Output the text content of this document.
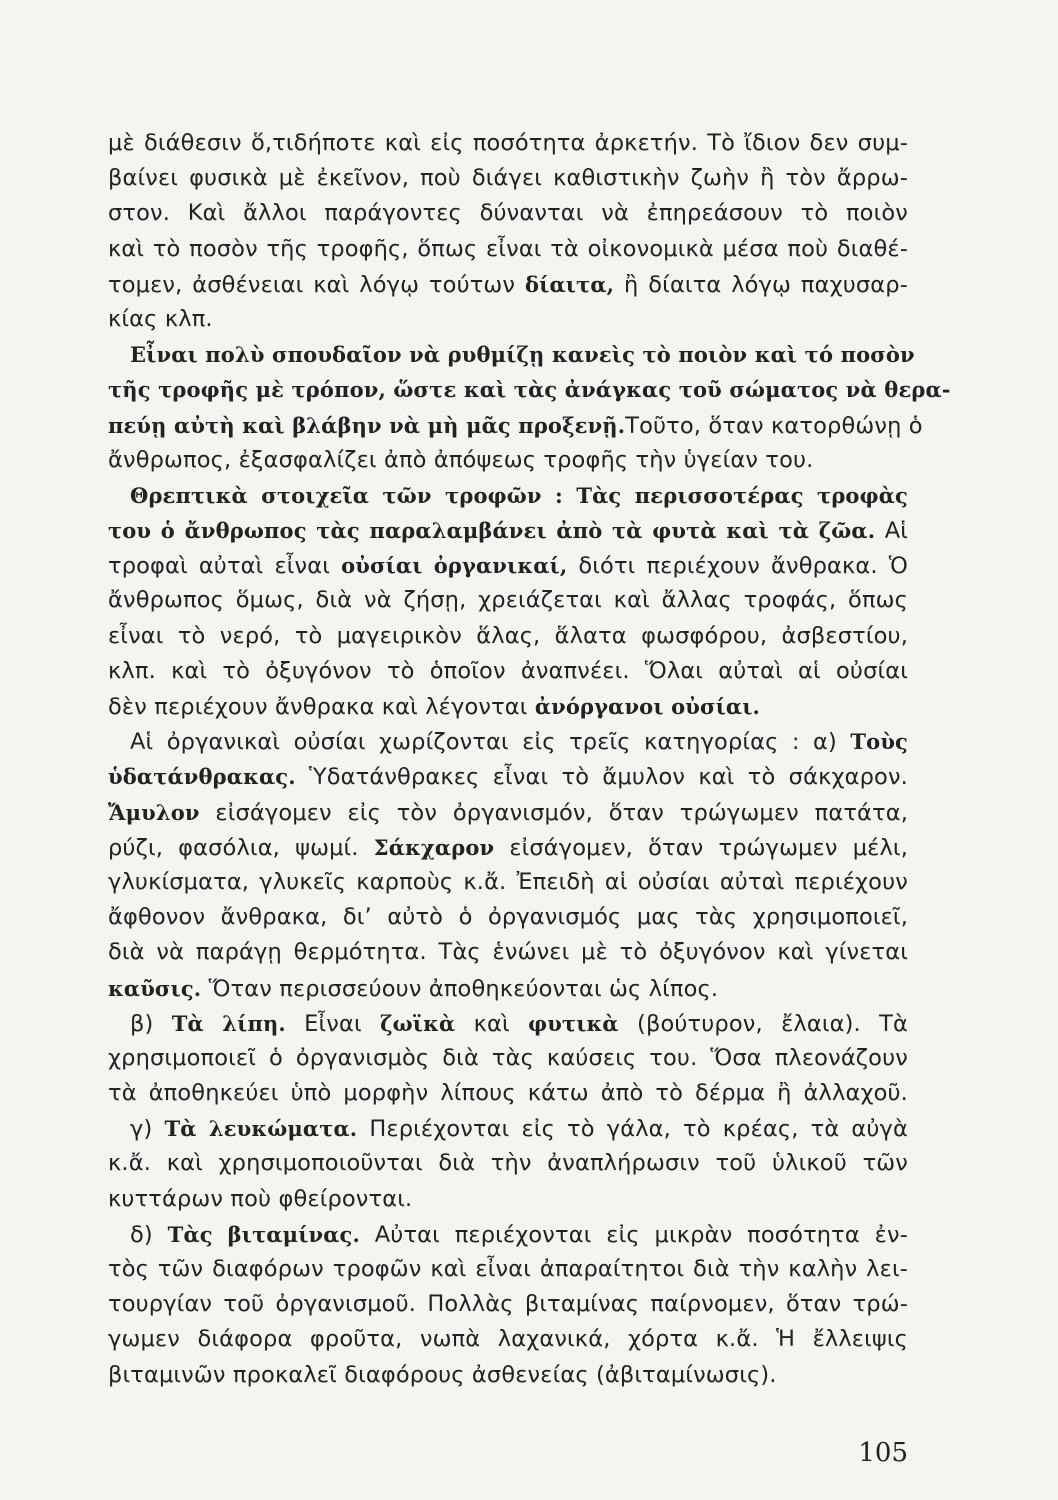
μὲ διάθεσιν ὅ,τιδήποτε καὶ εἰς ποσότητα ἀρκετήν. Τὸ ἴδιον δεν συμ-
βαίνει φυσικὰ μὲ ἐκεῖνον, ποὺ διάγει καθιστικὴν ζωὴν ἢ τὸν ἄρρω-
στον. Καὶ ἄλλοι παράγοντες δύνανται νὰ ἐπηρεάσουν τὸ ποιὸν
καὶ τὸ ποσὸν τῆς τροφῆς, ὅπως εἶναι τὰ οἰκονομικὰ μέσα ποὺ διαθέ-
τομεν, ἀσθένειαι καὶ λόγῳ τούτων δίαιτα, ἢ δίαιτα λόγῳ παχυσαρ-
κίας κλπ.
Εἶναι πολὺ σπουδαῖον νὰ ρυθμίζῃ κανεὶς τὸ ποιὸν καὶ τό ποσὸν
τῆς τροφῆς μὲ τρόπον, ὥστε καὶ τὰς ἀνάγκας τοῦ σώματος νὰ θερα-
πεύῃ αὐτὴ καὶ βλάβην νὰ μὴ μᾶς προξενῇ.Τοῦτο, ὅταν κατορθώνῃ ὁ
ἄνθρωπος, ἐξασφαλίζει ἀπὸ ἀπόψεως τροφῆς τὴν ὑγείαν του.
Θρεπτικὰ στοιχεῖα τῶν τροφῶν : Τὰς περισσοτέρας τροφὰς
του ὁ ἄνθρωπος τὰς παραλαμβάνει ἀπὸ τὰ φυτὰ καὶ τὰ ζῶα. Αἱ
τροφαὶ αὐταὶ εἶναι οὐσίαι ὀργανικαί, διότι περιέχουν ἄνθρακα. Ὁ
ἄνθρωπος ὅμως, διὰ νὰ ζήσῃ, χρειάζεται καὶ ἄλλας τροφάς, ὅπως
εἶναι τὸ νερό, τὸ μαγειρικὸν ἅλας, ἅλατα φωσφόρου, ἀσβεστίου,
κλπ. καὶ τὸ ὀξυγόνον τὸ ὁποῖον ἀναπνέει. Ὅλαι αὐταὶ αἱ οὐσίαι
δὲν περιέχουν ἄνθρακα καὶ λέγονται ἀνόργανοι οὐσίαι.
Αἱ ὀργανικαὶ οὐσίαι χωρίζονται εἰς τρεῖς κατηγορίας : α) Τοὺς
ὑδατάνθρακας. Ὑδατάνθρακες εἶναι τὸ ἄμυλον καὶ τὸ σάκχαρον.
Ἄμυλον εἰσάγομεν εἰς τὸν ὀργανισμόν, ὅταν τρώγωμεν πατάτα,
ρύζι, φασόλια, ψωμί. Σάκχαρον εἰσάγομεν, ὅταν τρώγωμεν μέλι,
γλυκίσματα, γλυκεῖς καρποὺς κ.ἄ. Ἐπειδὴ αἱ οὐσίαι αὐταὶ περιέχουν
ἄφθονον ἄνθρακα, δι’ αὐτὸ ὁ ὀργανισμός μας τὰς χρησιμοποιεῖ,
διὰ νὰ παράγῃ θερμότητα. Τὰς ἑνώνει μὲ τὸ ὀξυγόνον καὶ γίνεται
καῦσις. Ὅταν περισσεύουν ἀποθηκεύονται ὡς λίπος.
β) Τὰ λίπη. Εἶναι ζωϊκὰ καὶ φυτικὰ (βούτυρον, ἔλαια). Τὰ
χρησιμοποιεῖ ὁ ὀργανισμὸς διὰ τὰς καύσεις του. Ὅσα πλεονάζουν
τὰ ἀποθηκεύει ὑπὸ μορφὴν λίπους κάτω ἀπὸ τὸ δέρμα ἢ ἀλλαχοῦ.
γ) Τὰ λευκώματα. Περιέχονται εἰς τὸ γάλα, τὸ κρέας, τὰ αὐγὰ
κ.ἄ. καὶ χρησιμοποιοῦνται διὰ τὴν ἀναπλήρωσιν τοῦ ὑλικοῦ τῶν
κυττάρων ποὺ φθείρονται.
δ) Τὰς βιταμίνας. Αὐται περιέχονται εἰς μικρὰν ποσότητα ἐν-
τὸς τῶν διαφόρων τροφῶν καὶ εἶναι ἀπαραίτητοι διὰ τὴν καλὴν λει-
τουργίαν τοῦ ὀργανισμοῦ. Πολλὰς βιταμίνας παίρνομεν, ὅταν τρώ-
γωμεν διάφορα φροῦτα, νωπὰ λαχανικά, χόρτα κ.ἄ. Ἡ ἔλλειψις
βιταμινῶν προκαλεῖ διαφόρους ἀσθενείας (ἀβιταμίνωσις).
105
